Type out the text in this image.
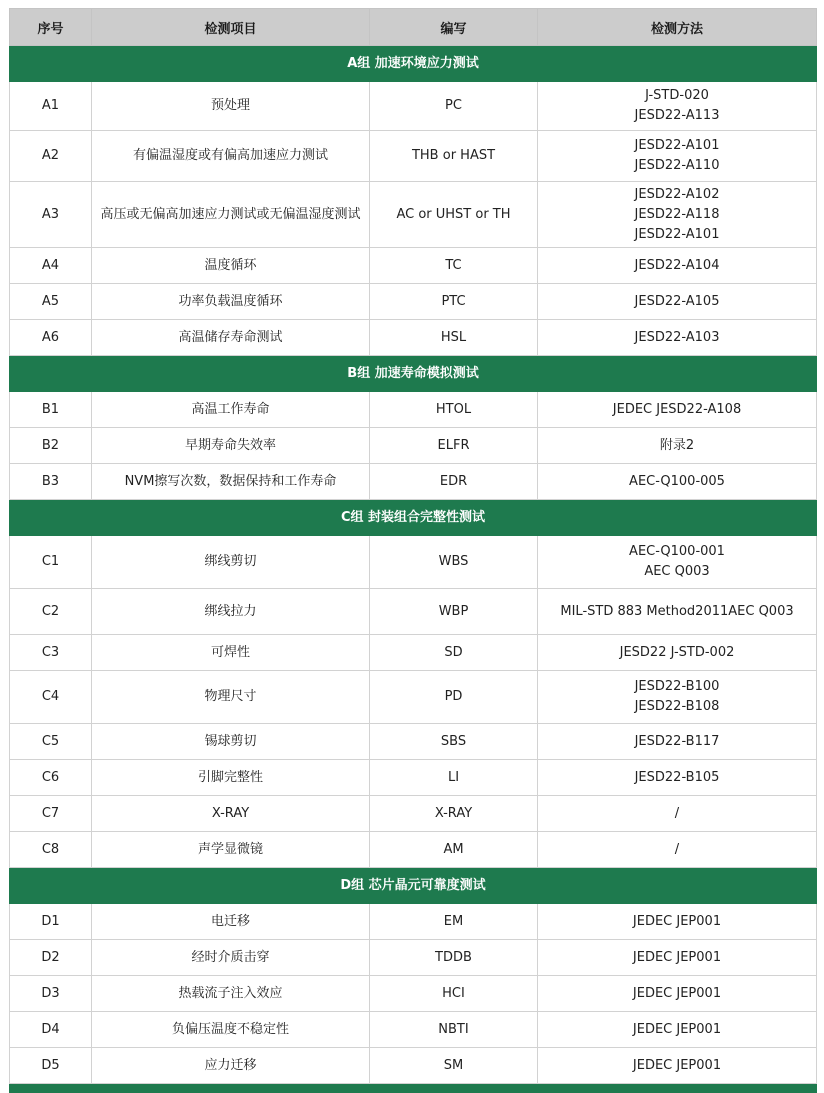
序号	检测项目	编写	检测方法
A组 加速环境应力测试			
A1	预处理	PC	J-STD-020
JESD22-A113

A2	有偏温湿度或有偏高加速应力测试	THB or HAST	JESD22-A101
JESD22-A110

A3	高压或无偏高加速应力测试或无偏温湿度测试	AC or UHST or TH	JESD22-A102
JESD22-A118
JESD22-A101

A4	温度循环	TC	JESD22-A104

A5	功率负载温度循环	PTC	JESD22-A105

A6	高温储存寿命测试	HSL	JESD22-A103

B组 加速寿命模拟测试			
B1	高温工作寿命	HTOL	JEDEC JESD22-A108

B2	早期寿命失效率	ELFR	附录2

B3	NVM擦写次数，数据保持和工作寿命	EDR	AEC-Q100-005

C组 封装组合完整性测试			
C1	绑线剪切	WBS	AEC-Q100-001
AEC Q003

C2	绑线拉力	WBP	MIL-STD 883 Method2011AEC Q003

C3	可焊性	SD	JESD22 J-STD-002

C4	物理尺寸	PD	JESD22-B100
JESD22-B108

C5	锡球剪切	SBS	JESD22-B117

C6	引脚完整性	LI	JESD22-B105

C7	X-RAY	X-RAY	/

C8	声学显微镜	AM	/

D组 芯片晶元可靠度测试			
D1	电迁移	EM	JEDEC JEP001

D2	经时介质击穿	TDDB	JEDEC JEP001

D3	热载流子注入效应	HCI	JEDEC JEP001

D4	负偏压温度不稳定性	NBTI	JEDEC JEP001

D5	应力迁移	SM	JEDEC JEP001
